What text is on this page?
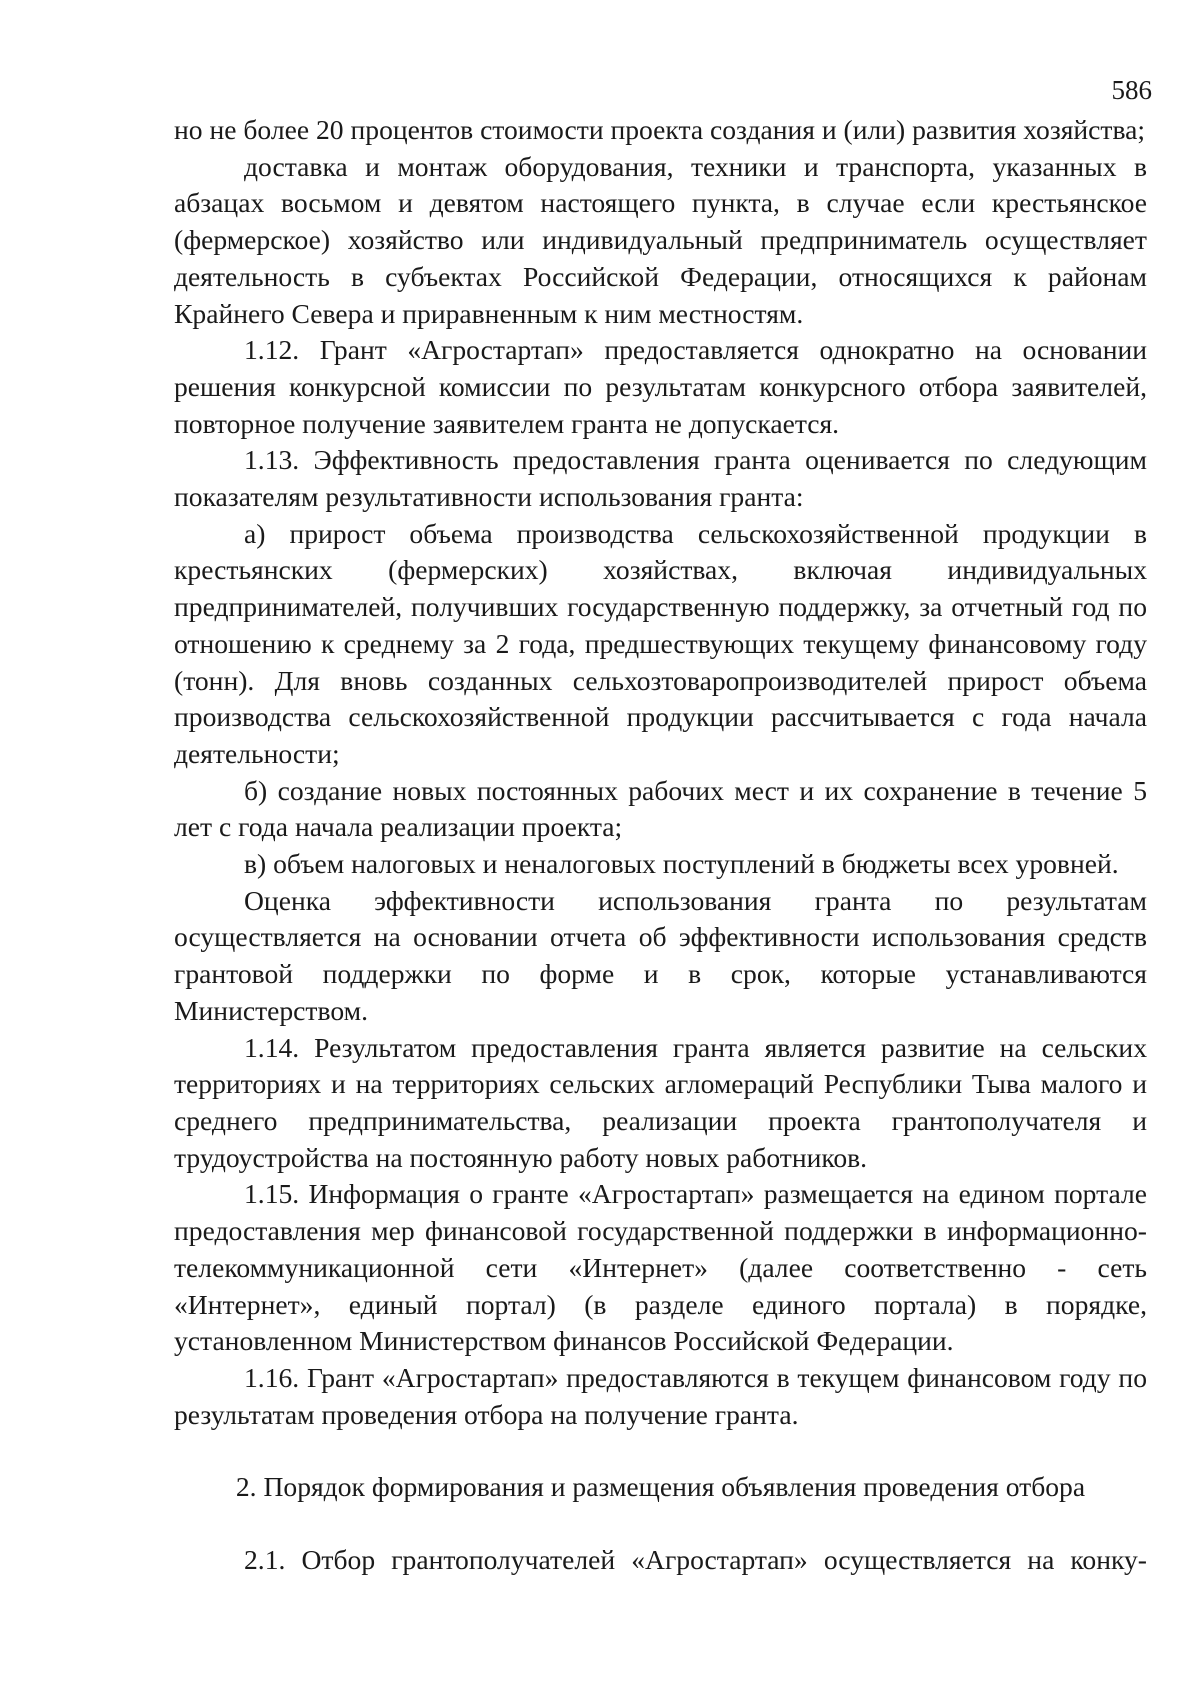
586

но не более 20 процентов стоимости проекта создания и (или) развития хозяйства;

доставка и монтаж оборудования, техники и транспорта, указанных в абзацах восьмом и девятом настоящего пункта, в случае если крестьянское (фермерское) хозяйство или индивидуальный предприниматель осуществляет деятельность в субъектах Российской Федерации, относящихся к районам Крайнего Севера и приравненным к ним местностям.

1.12. Грант «Агростартап» предоставляется однократно на основании решения конкурсной комиссии по результатам конкурсного отбора заявителей, повторное получение заявителем гранта не допускается.

1.13. Эффективность предоставления гранта оценивается по следующим показателям результативности использования гранта:

а) прирост объема производства сельскохозяйственной продукции в крестьянских (фермерских) хозяйствах, включая индивидуальных предпринимателей, получивших государственную поддержку, за отчетный год по отношению к среднему за 2 года, предшествующих текущему финансовому году (тонн). Для вновь созданных сельхозтоваропроизводителей прирост объема производства сельскохозяйственной продукции рассчитывается с года начала деятельности;

б) создание новых постоянных рабочих мест и их сохранение в течение 5 лет с года начала реализации проекта;

в) объем налоговых и неналоговых поступлений в бюджеты всех уровней.

Оценка эффективности использования гранта по результатам осуществляется на основании отчета об эффективности использования средств грантовой поддержки по форме и в срок, которые устанавливаются Министерством.

1.14. Результатом предоставления гранта является развитие на сельских территориях и на территориях сельских агломераций Республики Тыва малого и среднего предпринимательства, реализации проекта грантополучателя и трудоустройства на постоянную работу новых работников.

1.15. Информация о гранте «Агростартап» размещается на едином портале предоставления мер финансовой государственной поддержки в информационно-телекоммуникационной сети «Интернет» (далее соответственно - сеть «Интернет», единый портал) (в разделе единого портала) в порядке, установленном Министерством финансов Российской Федерации.

1.16. Грант «Агростартап» предоставляются в текущем финансовом году по результатам проведения отбора на получение гранта.

2. Порядок формирования и размещения объявления проведения отбора

2.1. Отбор грантополучателей «Агростартап» осуществляется на конку-
